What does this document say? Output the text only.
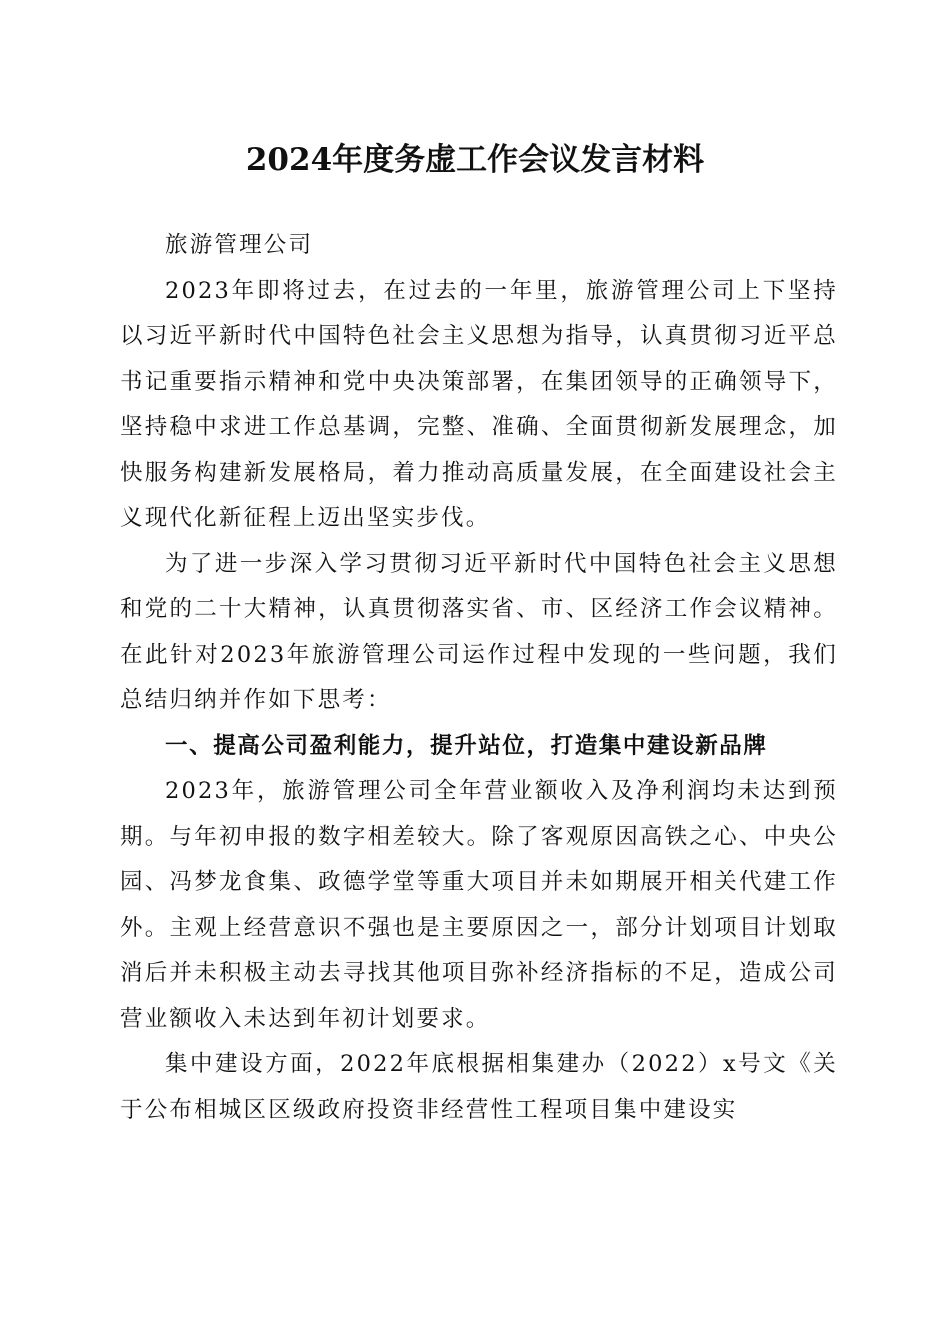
2024年度务虚工作会议发言材料

旅游管理公司

2023年即将过去，在过去的一年里，旅游管理公司上下坚持以习近平新时代中国特色社会主义思想为指导，认真贯彻习近平总书记重要指示精神和党中央决策部署，在集团领导的正确领导下，坚持稳中求进工作总基调，完整、准确、全面贯彻新发展理念，加快服务构建新发展格局，着力推动高质量发展，在全面建设社会主义现代化新征程上迈出坚实步伐。

为了进一步深入学习贯彻习近平新时代中国特色社会主义思想和党的二十大精神，认真贯彻落实省、市、区经济工作会议精神。在此针对2023年旅游管理公司运作过程中发现的一些问题，我们总结归纳并作如下思考：

一、提高公司盈利能力，提升站位，打造集中建设新品牌

2023年，旅游管理公司全年营业额收入及净利润均未达到预期。与年初申报的数字相差较大。除了客观原因高铁之心、中央公园、冯梦龙食集、政德学堂等重大项目并未如期展开相关代建工作外。主观上经营意识不强也是主要原因之一，部分计划项目计划取消后并未积极主动去寻找其他项目弥补经济指标的不足，造成公司营业额收入未达到年初计划要求。

集中建设方面，2022年底根据相集建办（2022）x号文《关于公布相城区区级政府投资非经营性工程项目集中建设实
